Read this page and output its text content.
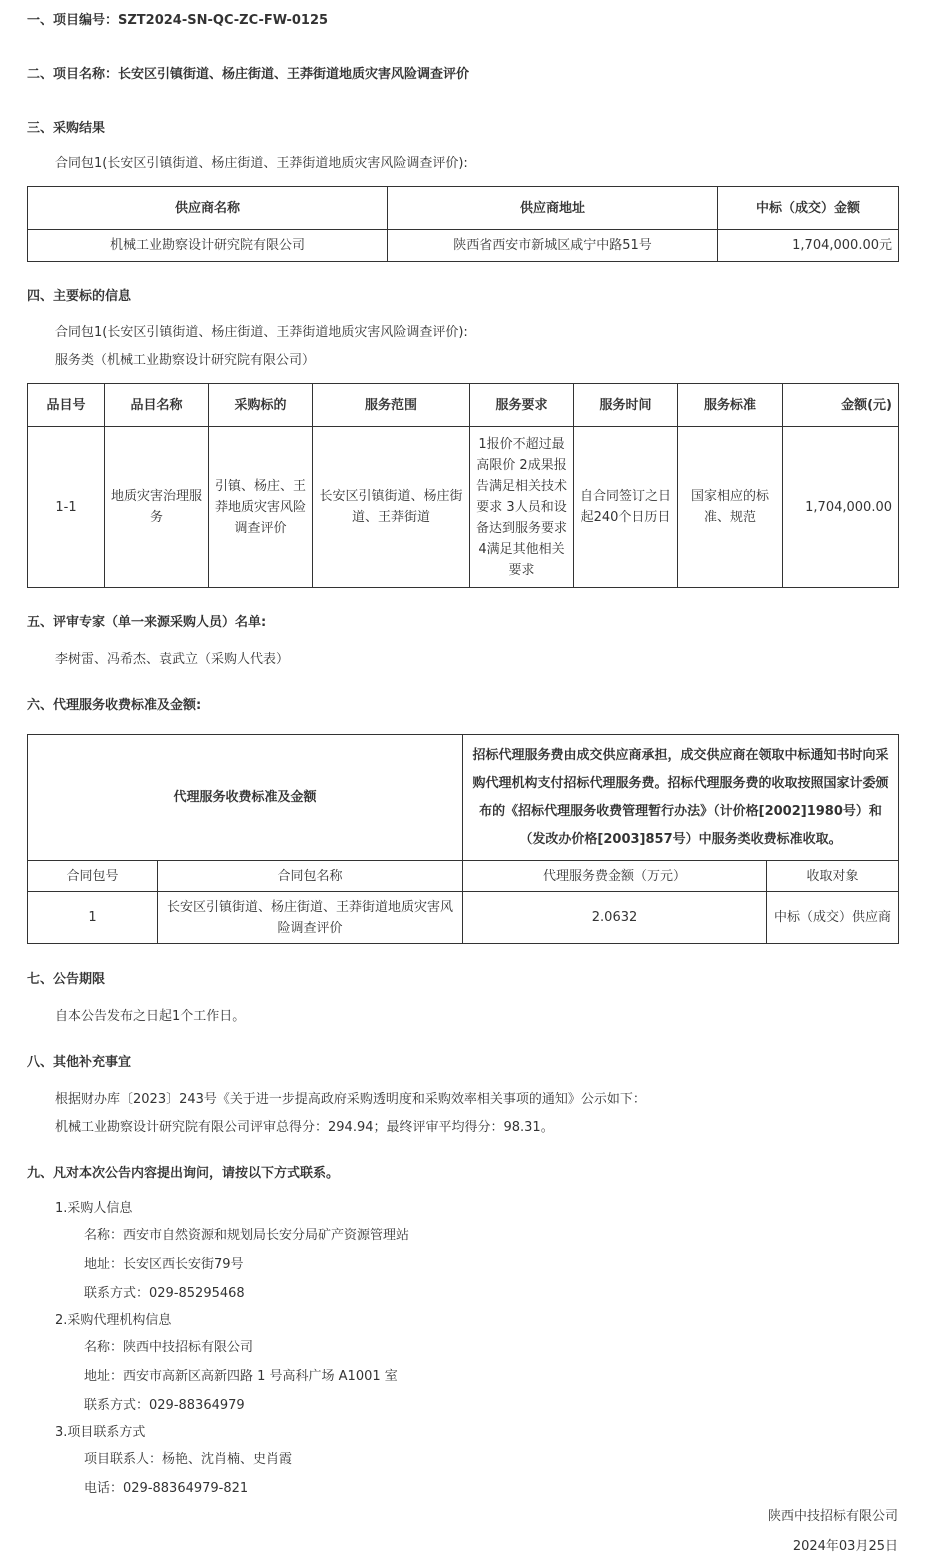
一、项目编号：SZT2024-SN-QC-ZC-FW-0125
二、项目名称：长安区引镇街道、杨庄街道、王莽街道地质灾害风险调查评价
三、采购结果
合同包1(长安区引镇街道、杨庄街道、王莽街道地质灾害风险调查评价):
供应商名称	供应商地址	中标（成交）金额
机械工业勘察设计研究院有限公司	陕西省西安市新城区咸宁中路51号	1,704,000.00元
四、主要标的信息
合同包1(长安区引镇街道、杨庄街道、王莽街道地质灾害风险调查评价):
服务类（机械工业勘察设计研究院有限公司）
品目号	品目名称	采购标的	服务范围	服务要求	服务时间	服务标准	金额(元)
1-1	地质灾害治理服务	引镇、杨庄、王莽地质灾害风险调查评价	长安区引镇街道、杨庄街道、王莽街道	1报价不超过最高限价 2成果报告满足相关技术要求 3人员和设备达到服务要求 4满足其他相关要求	自合同签订之日起240个日历日	国家相应的标准、规范	1,704,000.00
五、评审专家（单一来源采购人员）名单:
李树雷、冯希杰、袁武立（采购人代表）
六、代理服务收费标准及金额:
代理服务收费标准及金额		招标代理服务费由成交供应商承担，成交供应商在领取中标通知书时向采购代理机构支付招标代理服务费。招标代理服务费的收取按照国家计委颁布的《招标代理服务收费管理暂行办法》（计价格[2002]1980号）和（发改办价格[2003]857号）中服务类收费标准收取。	
合同包号	合同包名称	代理服务费金额（万元）	收取对象
1	长安区引镇街道、杨庄街道、王莽街道地质灾害风险调查评价	2.0632	中标（成交）供应商
七、公告期限
自本公告发布之日起1个工作日。
八、其他补充事宜
根据财办库〔2023〕243号《关于进一步提高政府采购透明度和采购效率相关事项的通知》公示如下：
机械工业勘察设计研究院有限公司评审总得分：294.94；最终评审平均得分：98.31。
九、凡对本次公告内容提出询问，请按以下方式联系。
1.采购人信息
名称：西安市自然资源和规划局长安分局矿产资源管理站
地址：长安区西长安街79号
联系方式：029-85295468
2.采购代理机构信息
名称：陕西中技招标有限公司
地址：西安市高新区高新四路 1 号高科广场 A1001 室
联系方式：029-88364979
3.项目联系方式
项目联系人：杨艳、沈肖楠、史肖霞
电话：029-88364979-821
陕西中技招标有限公司
2024年03月25日
